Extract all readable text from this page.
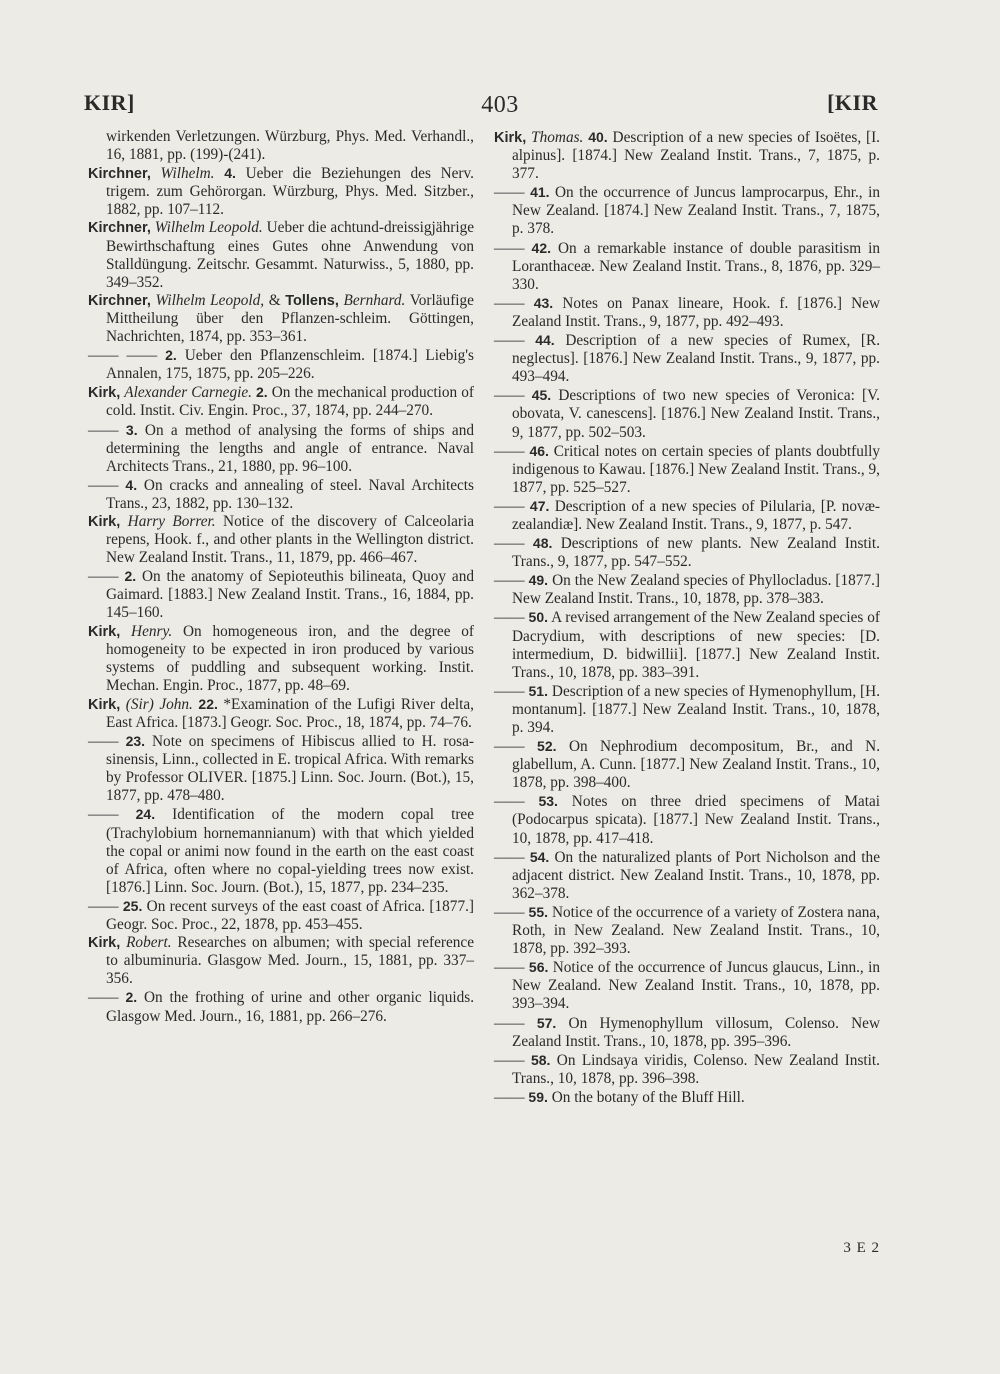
KIR]	403	[KIR

wirkenden Verletzungen. Würzburg, Phys. Med. Verhandl., 16, 1881, pp. (199)-(241).

Kirchner, Wilhelm. 4. Ueber die Beziehungen des Nerv. trigem. zum Gehörorgan. Würzburg, Phys. Med. Sitzber., 1882, pp. 107–112.

Kirchner, Wilhelm Leopold. Ueber die achtund-dreissigjährige Bewirthschaftung eines Gutes ohne Anwendung von Stalldüngung. Zeitschr. Gesammt. Naturwiss., 5, 1880, pp. 349–352.

Kirchner, Wilhelm Leopold, & Tollens, Bernhard. Vorläufige Mittheilung über den Pflanzen-schleim. Göttingen, Nachrichten, 1874, pp. 353–361.

—— —— 2. Ueber den Pflanzenschleim. [1874.] Liebig's Annalen, 175, 1875, pp. 205–226.

Kirk, Alexander Carnegie. 2. On the mechanical production of cold. Instit. Civ. Engin. Proc., 37, 1874, pp. 244–270.

—— 3. On a method of analysing the forms of ships and determining the lengths and angle of entrance. Naval Architects Trans., 21, 1880, pp. 96–100.

—— 4. On cracks and annealing of steel. Naval Architects Trans., 23, 1882, pp. 130–132.

Kirk, Harry Borrer. Notice of the discovery of Calceolaria repens, Hook. f., and other plants in the Wellington district. New Zealand Instit. Trans., 11, 1879, pp. 466–467.

—— 2. On the anatomy of Sepioteuthis bilineata, Quoy and Gaimard. [1883.] New Zealand Instit. Trans., 16, 1884, pp. 145–160.

Kirk, Henry. On homogeneous iron, and the degree of homogeneity to be expected in iron produced by various systems of puddling and subsequent working. Instit. Mechan. Engin. Proc., 1877, pp. 48–69.

Kirk, (Sir) John. 22. *Examination of the Lufigi River delta, East Africa. [1873.] Geogr. Soc. Proc., 18, 1874, pp. 74–76.

—— 23. Note on specimens of Hibiscus allied to H. rosa-sinensis, Linn., collected in E. tropical Africa. With remarks by Professor OLIVER. [1875.] Linn. Soc. Journ. (Bot.), 15, 1877, pp. 478–480.

—— 24. Identification of the modern copal tree (Trachylobium hornemannianum) with that which yielded the copal or animi now found in the earth on the east coast of Africa, often where no copal-yielding trees now exist. [1876.] Linn. Soc. Journ. (Bot.), 15, 1877, pp. 234–235.

—— 25. On recent surveys of the east coast of Africa. [1877.] Geogr. Soc. Proc., 22, 1878, pp. 453–455.

Kirk, Robert. Researches on albumen; with special reference to albuminuria. Glasgow Med. Journ., 15, 1881, pp. 337–356.

—— 2. On the frothing of urine and other organic liquids. Glasgow Med. Journ., 16, 1881, pp. 266–276.

Kirk, Thomas. 40. Description of a new species of Isoëtes, [I. alpinus]. [1874.] New Zealand Instit. Trans., 7, 1875, p. 377.

—— 41. On the occurrence of Juncus lamprocarpus, Ehr., in New Zealand. [1874.] New Zealand Instit. Trans., 7, 1875, p. 378.

—— 42. On a remarkable instance of double parasitism in Loranthaceæ. New Zealand Instit. Trans., 8, 1876, pp. 329–330.

—— 43. Notes on Panax lineare, Hook. f. [1876.] New Zealand Instit. Trans., 9, 1877, pp. 492–493.

—— 44. Description of a new species of Rumex, [R. neglectus]. [1876.] New Zealand Instit. Trans., 9, 1877, pp. 493–494.

—— 45. Descriptions of two new species of Veronica: [V. obovata, V. canescens]. [1876.] New Zealand Instit. Trans., 9, 1877, pp. 502–503.

—— 46. Critical notes on certain species of plants doubtfully indigenous to Kawau. [1876.] New Zealand Instit. Trans., 9, 1877, pp. 525–527.

—— 47. Description of a new species of Pilularia, [P. novæ-zealandiæ]. New Zealand Instit. Trans., 9, 1877, p. 547.

—— 48. Descriptions of new plants. New Zealand Instit. Trans., 9, 1877, pp. 547–552.

—— 49. On the New Zealand species of Phyllocladus. [1877.] New Zealand Instit. Trans., 10, 1878, pp. 378–383.

—— 50. A revised arrangement of the New Zealand species of Dacrydium, with descriptions of new species: [D. intermedium, D. bidwillii]. [1877.] New Zealand Instit. Trans., 10, 1878, pp. 383–391.

—— 51. Description of a new species of Hymenophyllum, [H. montanum]. [1877.] New Zealand Instit. Trans., 10, 1878, p. 394.

—— 52. On Nephrodium decompositum, Br., and N. glabellum, A. Cunn. [1877.] New Zealand Instit. Trans., 10, 1878, pp. 398–400.

—— 53. Notes on three dried specimens of Matai (Podocarpus spicata). [1877.] New Zealand Instit. Trans., 10, 1878, pp. 417–418.

—— 54. On the naturalized plants of Port Nicholson and the adjacent district. New Zealand Instit. Trans., 10, 1878, pp. 362–378.

—— 55. Notice of the occurrence of a variety of Zostera nana, Roth, in New Zealand. New Zealand Instit. Trans., 10, 1878, pp. 392–393.

—— 56. Notice of the occurrence of Juncus glaucus, Linn., in New Zealand. New Zealand Instit. Trans., 10, 1878, pp. 393–394.

—— 57. On Hymenophyllum villosum, Colenso. New Zealand Instit. Trans., 10, 1878, pp. 395–396.

—— 58. On Lindsaya viridis, Colenso. New Zealand Instit. Trans., 10, 1878, pp. 396–398.

—— 59. On the botany of the Bluff Hill.

3 E 2
